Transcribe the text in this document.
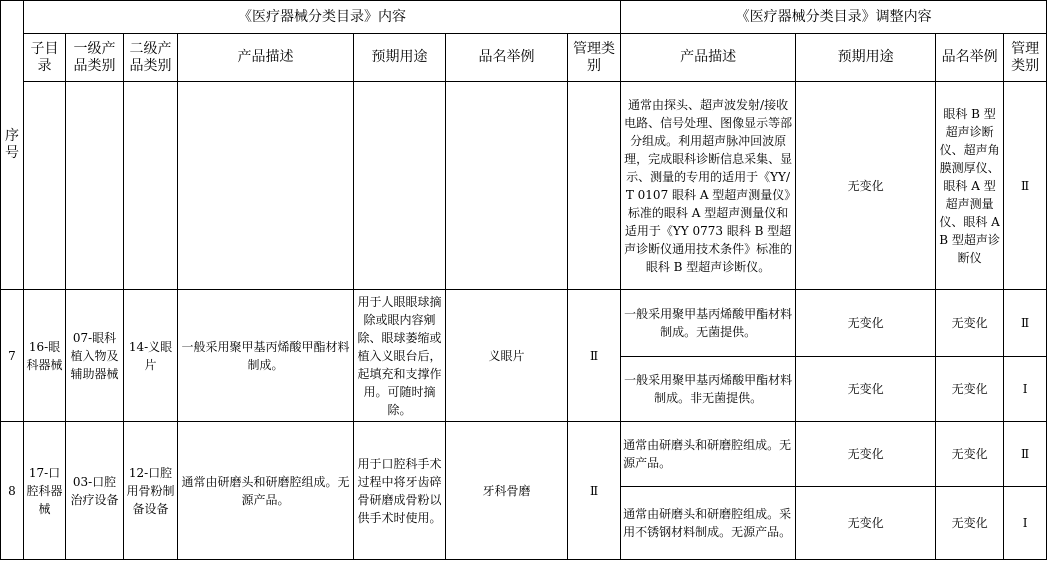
序号	《医疗器械分类目录》内容							《医疗器械分类目录》调整内容			
	子目录	一级产品类别	二级产品类别	产品描述	预期用途	品名举例	管理类别	产品描述	预期用途	品名举例	管理类别
								通常由探头、超声波发射/接收电路、信号处理、图像显示等部分组成。利用超声脉冲回波原理，完成眼科诊断信息采集、显示、测量的专用的适用于《YY/T 0107 眼科 A 型超声测量仪》标准的眼科 A 型超声测量仪和适用于《YY 0773 眼科 B 型超声诊断仪通用技术条件》标准的眼科 B 型超声诊断仪。	无变化	眼科 B 型超声诊断仪、超声角膜测厚仪、眼科 A 型超声测量仪、眼科 AB 型超声诊断仪	Ⅱ
7	16-眼科器械	07-眼科植入物及辅助器械	14-义眼片	一般采用聚甲基丙烯酸甲酯材料制成。	用于人眼眼球摘除或眼内容剜除、眼球萎缩或植入义眼台后，起填充和支撑作用。可随时摘除。	义眼片	Ⅱ	一般采用聚甲基丙烯酸甲酯材料制成。无菌提供。	无变化	无变化	Ⅱ
								一般采用聚甲基丙烯酸甲酯材料制成。非无菌提供。	无变化	无变化	Ⅰ
8	17-口腔科器械	03-口腔治疗设备	12-口腔用骨粉制备设备	通常由研磨头和研磨腔组成。无源产品。	用于口腔科手术过程中将牙齿碎骨研磨成骨粉以供手术时使用。	牙科骨磨	Ⅱ	通常由研磨头和研磨腔组成。无源产品。	无变化	无变化	Ⅱ
								通常由研磨头和研磨腔组成。采用不锈钢材料制成。无源产品。	无变化	无变化	Ⅰ
